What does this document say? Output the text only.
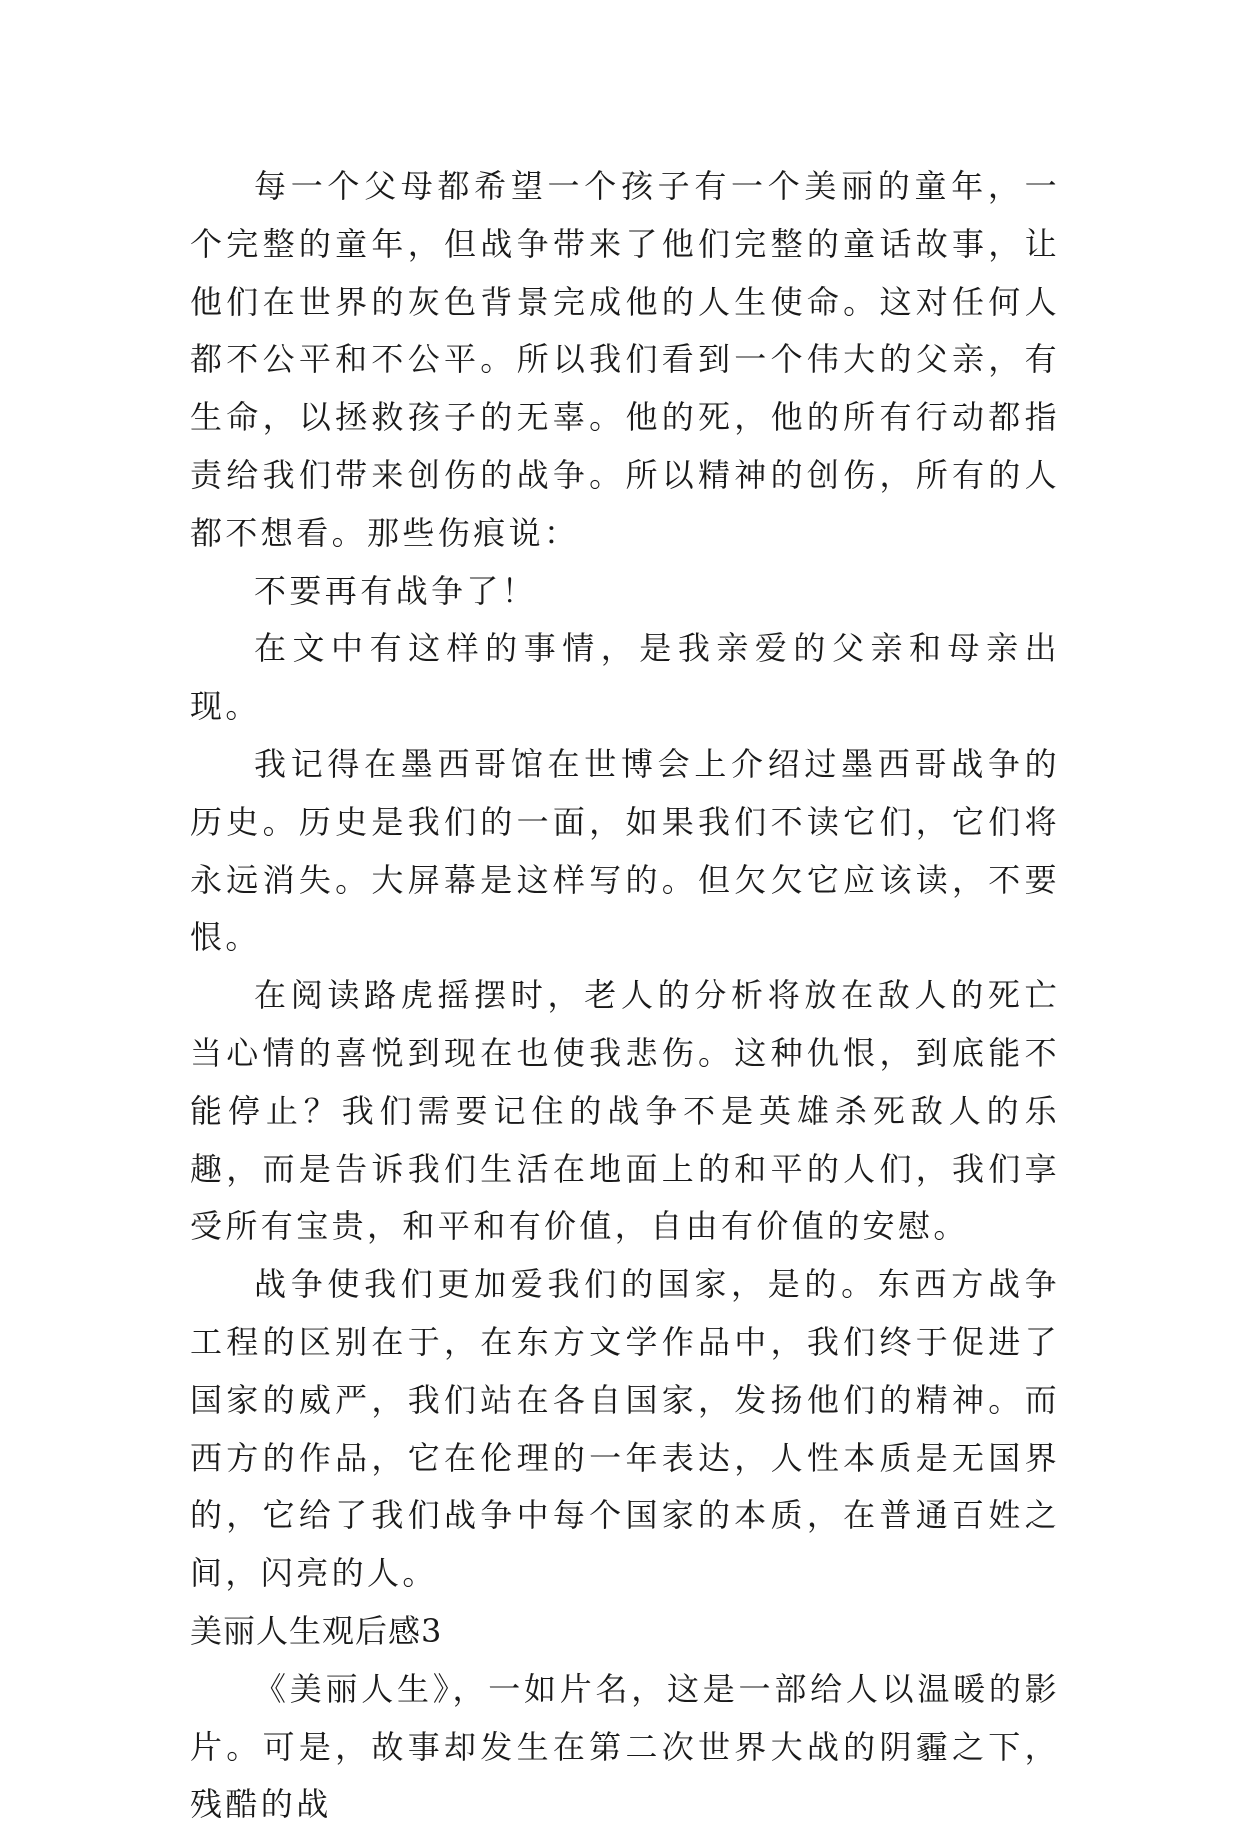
每一个父母都希望一个孩子有一个美丽的童年，一个完整的童年，但战争带来了他们完整的童话故事，让他们在世界的灰色背景完成他的人生使命。这对任何人都不公平和不公平。所以我们看到一个伟大的父亲，有生命，以拯救孩子的无辜。他的死，他的所有行动都指责给我们带来创伤的战争。所以精神的创伤，所有的人都不想看。那些伤痕说：

不要再有战争了！

在文中有这样的事情，是我亲爱的父亲和母亲出现。

我记得在墨西哥馆在世博会上介绍过墨西哥战争的历史。历史是我们的一面，如果我们不读它们，它们将永远消失。大屏幕是这样写的。但欠欠它应该读，不要恨。

在阅读路虎摇摆时，老人的分析将放在敌人的死亡当心情的喜悦到现在也使我悲伤。这种仇恨，到底能不能停止？我们需要记住的战争不是英雄杀死敌人的乐趣，而是告诉我们生活在地面上的和平的人们，我们享受所有宝贵，和平和有价值，自由有价值的安慰。

战争使我们更加爱我们的国家，是的。东西方战争工程的区别在于，在东方文学作品中，我们终于促进了国家的威严，我们站在各自国家，发扬他们的精神。而西方的作品，它在伦理的一年表达，人性本质是无国界的，它给了我们战争中每个国家的本质，在普通百姓之间，闪亮的人。

美丽人生观后感3

《美丽人生》，一如片名，这是一部给人以温暖的影片。可是，故事却发生在第二次世界大战的阴霾之下，残酷的战
